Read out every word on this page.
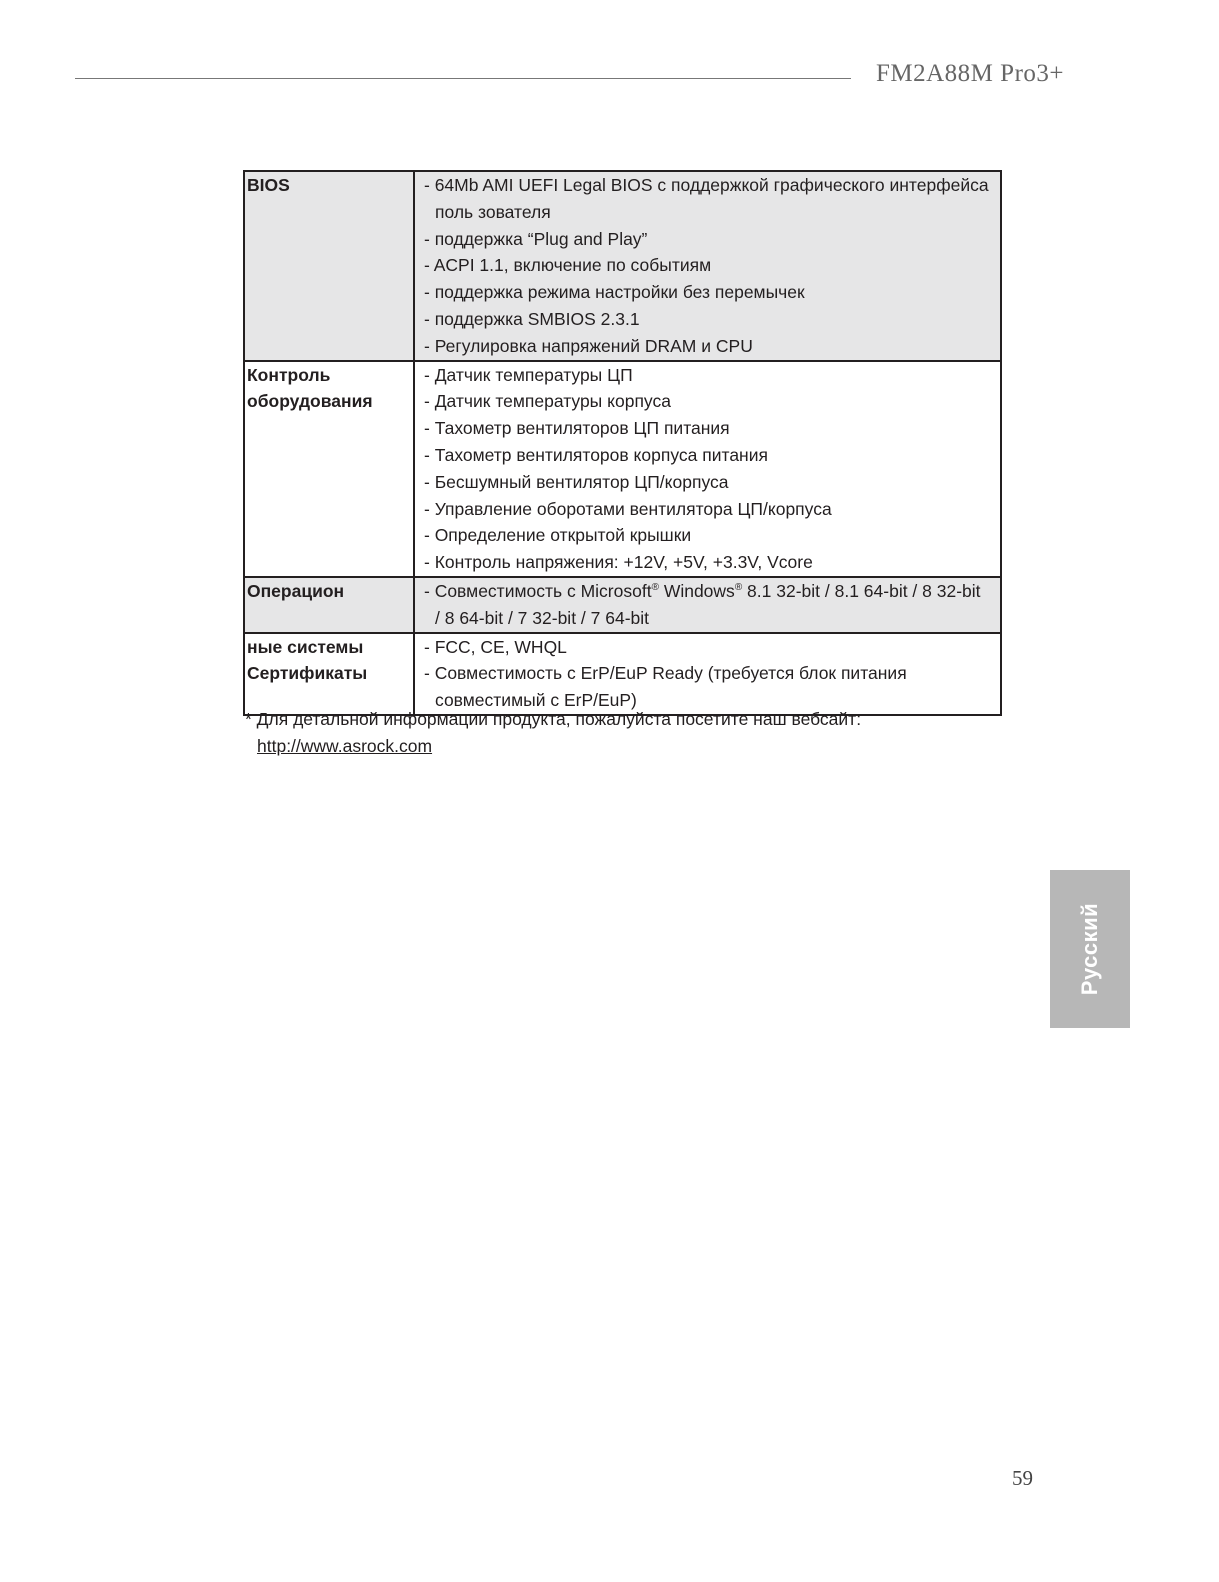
FM2A88M Pro3+
BIOS	- 64Mb AMI UEFI Legal BIOS с поддержкой графического интерфейса
поль зователя
- поддержка “Plug and Play”
- ACPI 1.1, включение по событиям
- поддержка режима настройки без перемычек
- поддержка SMBIOS 2.3.1
- Регулировка напряжений DRAM и CPU
Контроль
оборудования
- Датчик температуры ЦП
- Датчик температуры корпуса
- Тахометр вентиляторов ЦП питания
- Тахометр вентиляторов корпуса питания
- Бесшумный вентилятор ЦП/корпуса
- Управление оборотами вентилятора ЦП/корпуса
- Определение открытой крышки
- Контроль напряжения: +12V, +5V, +3.3V, Vcore
Операцион	- Совместимость с Microsoft® Windows® 8.1 32-bit / 8.1 64-bit / 8 32-bit
/ 8 64-bit / 7 32-bit / 7 64-bit
ные системы
Сертификаты
- FCC, CE, WHQL
- Совместимость с ErP/EuP Ready (требуется блок питания
совместимый с ErP/EuP)
* Для детальной информации продукта, пожалуйста посетите наш вебсайт:
http://www.asrock.com
Русский
59
